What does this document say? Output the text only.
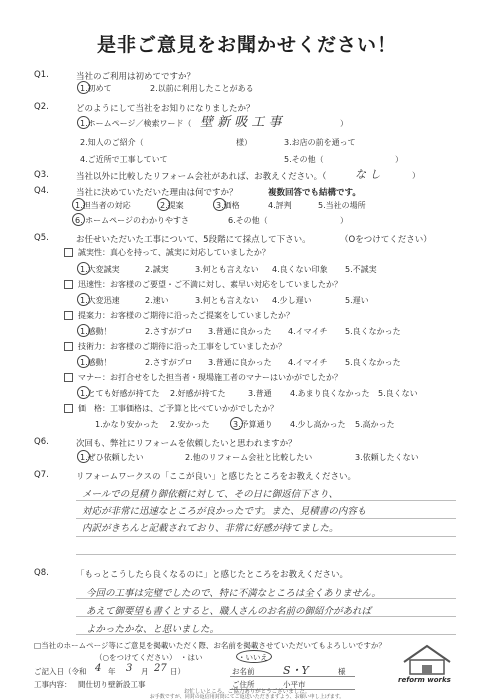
是非ご意見をお聞かせください！
Q1.	当社のご利用は初めてですか？
1.初めて	2.以前に利用したことがある
Q2.	どのようにして当社をお知りになりましたか？
1.ホームページ／検索ワード（ 壁 新 吸 工 事	）
2.知人のご紹介（	様）	3.お店の前を通って
4.ご近所で工事していて	5.その他（	）
Q3.	当社以外に比較したリフォーム会社があれば、お教えください。（	な し	）
Q4.	当社に決めていただいた理由は何ですか？	複数回答でも結構です。
1.担当者の対応	2.提案	3.価格	4.評判	5.当社の場所
6. ホームページのわかりやすさ	6.その他（	）
Q5.	お任せいただいた工事について、5段階にて採点して下さい。	（Oをつけてください）
誠実性：真心を持って、誠実に対応していましたか？
1.大変誠実	2.誠実	3.何とも言えない 4.良くない印象 5.不誠実
迅速性：お客様のご要望・ご不満に対し、素早い対応をしていましたか？
1.大変迅速	2.速い	3.何とも言えない 4.少し遅い	5.遅い
提案力：お客様のご期待に沿ったご提案をしていましたか？
1.感動！	2.さすがプロ 3.普通に良かった 4.イマイチ 5.良くなかった
技術力：お客様のご期待に沿った工事をしていましたか？
1.感動！	2.さすがプロ 3.普通に良かった 4.イマイチ 5.良くなかった
マナー：お打合せをした担当者・現場施工者のマナーはいかがでしたか？
1.とても好感が持てた 2.好感が持てた	3.普通 4.あまり良くなかった 5.良くない
価　格：工事価格は、ご予算と比べていかがでしたか？
1.かなり安かった 2.安かった	3.予算通り 4.少し高かった 5.高かった
Q6.	次回も、弊社にリフォームを依頼したいと思われますか？
1.ぜひ依頼したい	2.他のリフォーム会社と比較したい	3.依頼したくない
Q7.	リフォームワークスの「ここが良い」と感じたところをお教えください。
メールでの見積り御依頼に対して、その日に御返信下さり、
対応が非常に迅速なところが良かったです。また、見積書の内容も
内訳がきちんと記載されており、非常に好感が持てました。
Q8.	「もっとこうしたら良くなるのに」と感じたところをお教えください。
今回の工事は完璧でしたので、特に不満なところは全くありません。
あえて御要望も書くとすると、職人さんのお名前の御紹介があれば
よかったかな、と思いました。
□当社のホームページ等にご意見を掲載いただく際、お名前を掲載させていただいてもよろしいですか？
（○をつけてください） ・はい	・いいえ
ご記入日（令和 4 年 3 月 27 日）	お名前	S・Y	様
工事内容： 間仕切り壁新設工事	ご住所	小平市	reform works
お忙しいところ、ご協力ありがとうございました。
お手数ですが、同封の返信用封筒にてご返送いただきますよう、お願い申し上げます。
